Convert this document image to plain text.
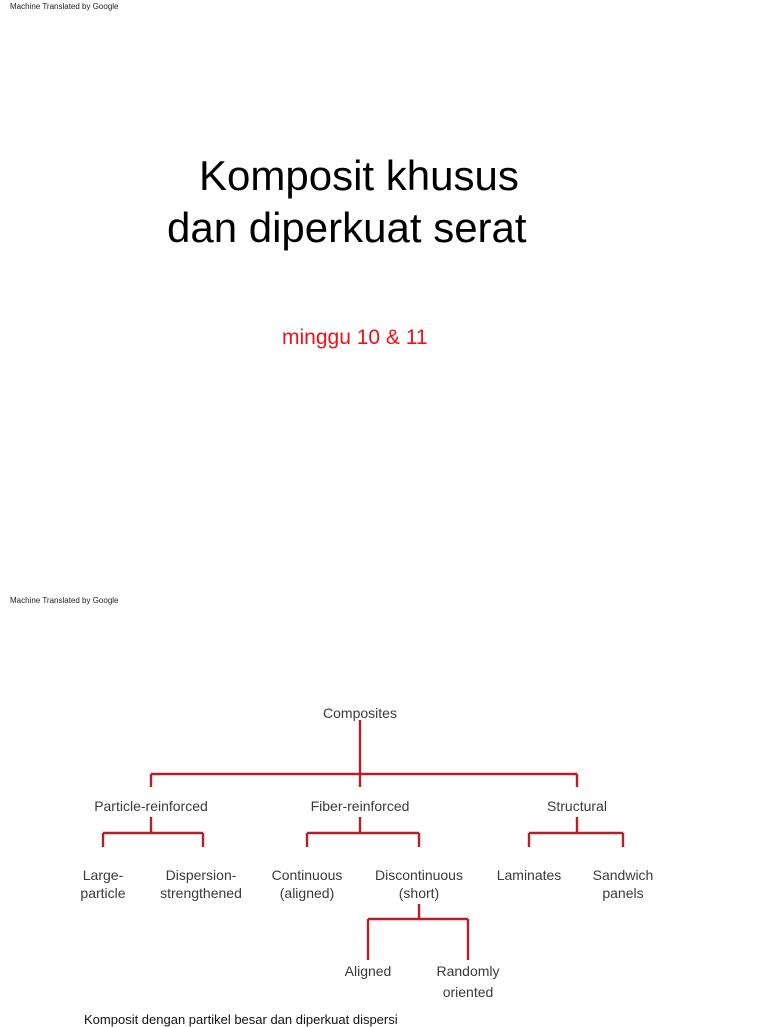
Machine Translated by Google
Komposit khusus
dan diperkuat serat
minggu 10 & 11
Machine Translated by Google
Composites
Particle-reinforced	Fiber-reinforced	Structural
Large-
particle
Dispersion-
strengthened
Continuous
(aligned)
Discontinuous
(short)
Laminates Sandwich
panels
Aligned	Randomly
oriented
Komposit dengan partikel besar dan diperkuat dispersi
